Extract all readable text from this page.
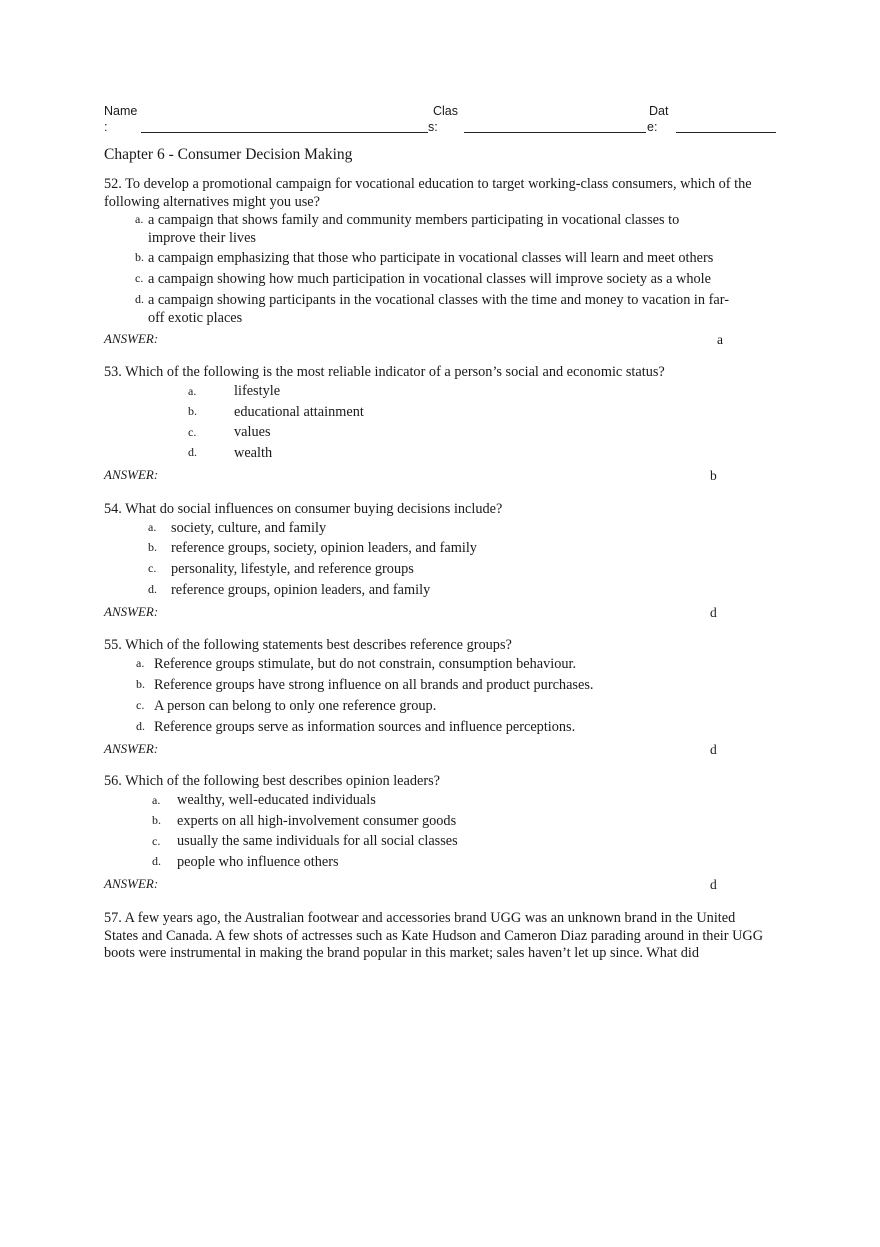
Name
:
Clas
s:
Dat
e:
Chapter 6 - Consumer Decision Making
52. To develop a promotional campaign for vocational education to target working-class consumers, which of the following alternatives might you use?
a. a campaign that shows family and community members participating in vocational classes to improve their lives
b. a campaign emphasizing that those who participate in vocational classes will learn and meet others
c. a campaign showing how much participation in vocational classes will improve society as a whole
d. a campaign showing participants in the vocational classes with the time and money to vacation in far-off exotic places
ANSWER:	a
53. Which of the following is the most reliable indicator of a person’s social and economic status?
a.	lifestyle
b.	educational attainment
c.	values
d.	wealth
ANSWER:	b
54. What do social influences on consumer buying decisions include?
a. society, culture, and family
b. reference groups, society, opinion leaders, and family
c. personality, lifestyle, and reference groups
d. reference groups, opinion leaders, and family
ANSWER:	d
55. Which of the following statements best describes reference groups?
a. Reference groups stimulate, but do not constrain, consumption behaviour.
b. Reference groups have strong influence on all brands and product purchases.
c. A person can belong to only one reference group.
d. Reference groups serve as information sources and influence perceptions.
ANSWER:	d
56. Which of the following best describes opinion leaders?
a. wealthy, well-educated individuals
b. experts on all high-involvement consumer goods
c. usually the same individuals for all social classes
d. people who influence others
ANSWER:	d
57. A few years ago, the Australian footwear and accessories brand UGG was an unknown brand in the United States and Canada. A few shots of actresses such as Kate Hudson and Cameron Diaz parading around in their UGG boots were instrumental in making the brand popular in this market; sales haven’t let up since. What did
